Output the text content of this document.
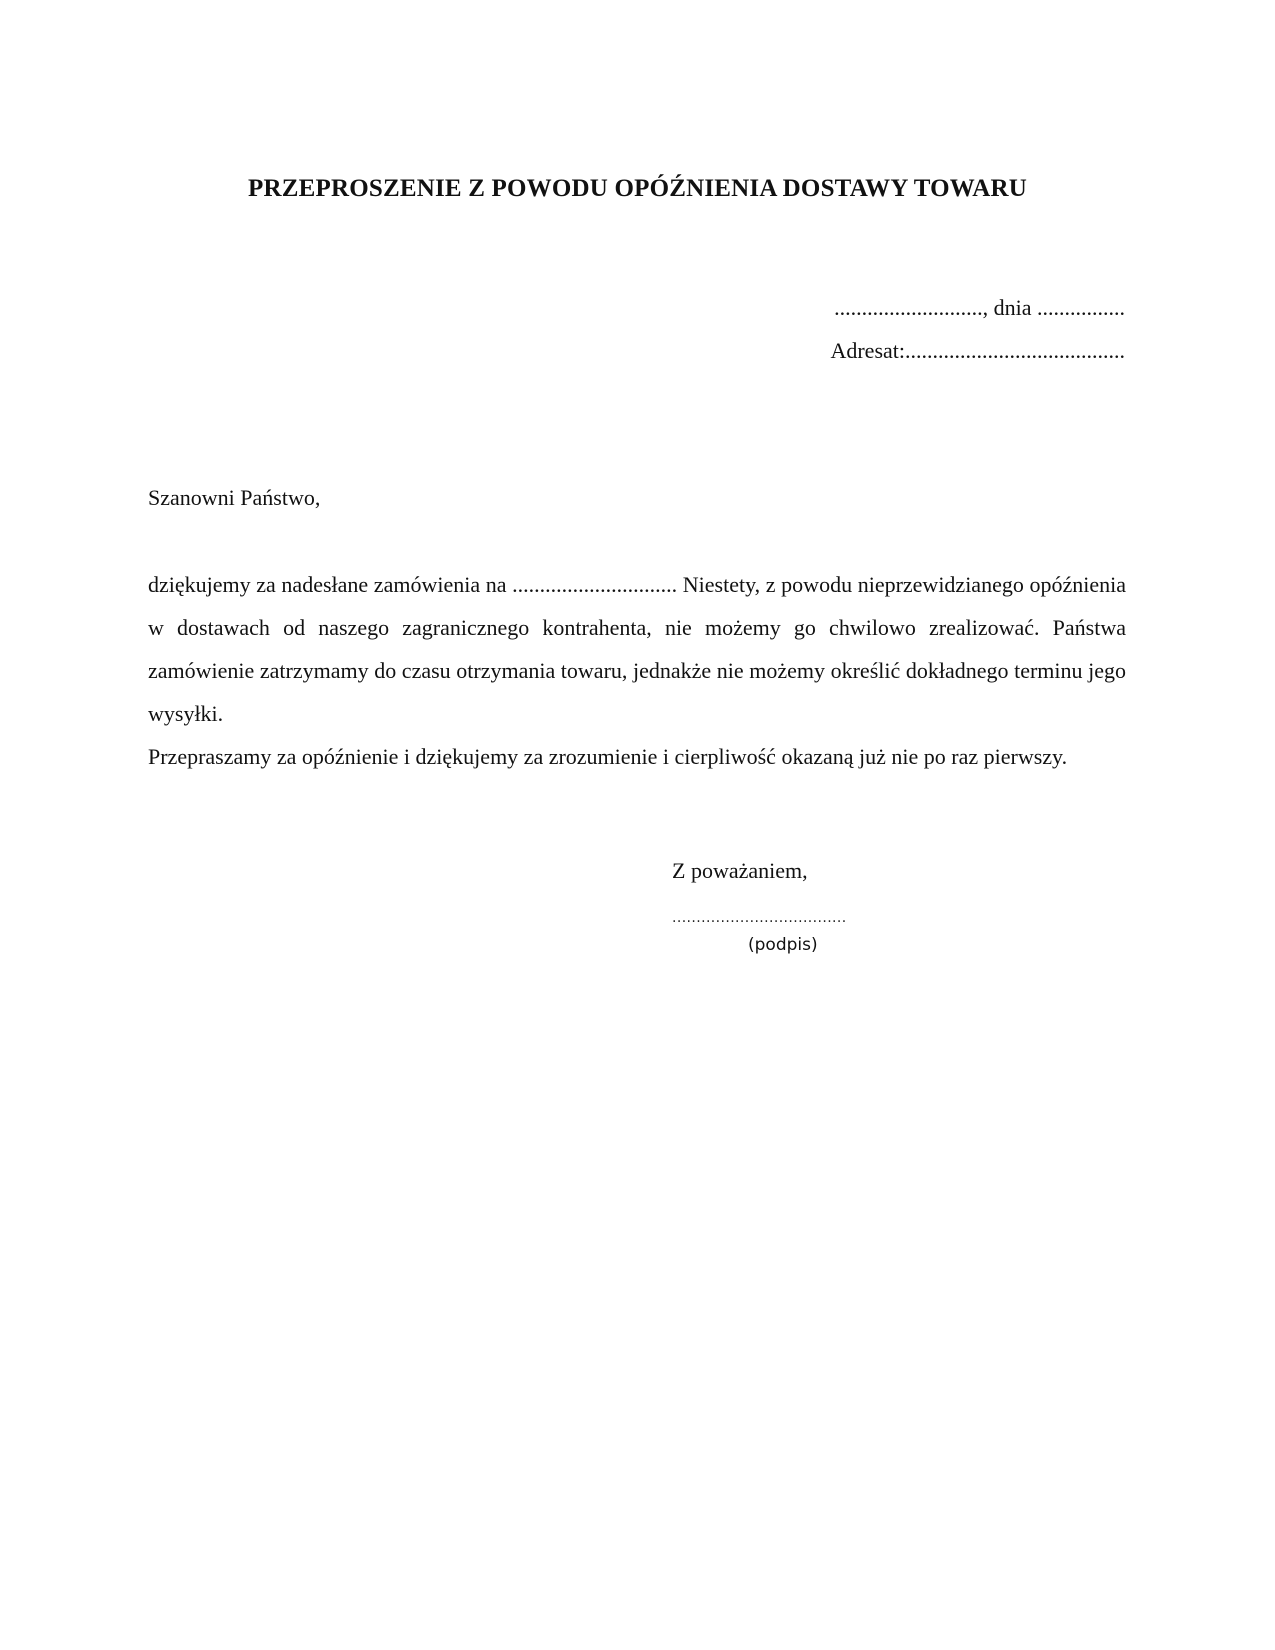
PRZEPROSZENIE Z POWODU OPÓŹNIENIA DOSTAWY TOWARU
..........................., dnia ................
Adresat:........................................
Szanowni Państwo,

dziękujemy za nadesłane zamówienia na .............................. Niestety, z powodu nieprzewidzianego opóźnienia w dostawach od naszego zagranicznego kontrahenta, nie możemy go chwilowo zrealizować. Państwa zamówienie zatrzymamy do czasu otrzymania towaru, jednakże nie możemy określić dokładnego terminu jego wysyłki.

Przepraszamy za opóźnienie i dziękujemy za zrozumienie i cierpliwość okazaną już nie po raz pierwszy.

Z poważaniem,
....................................
(podpis)
